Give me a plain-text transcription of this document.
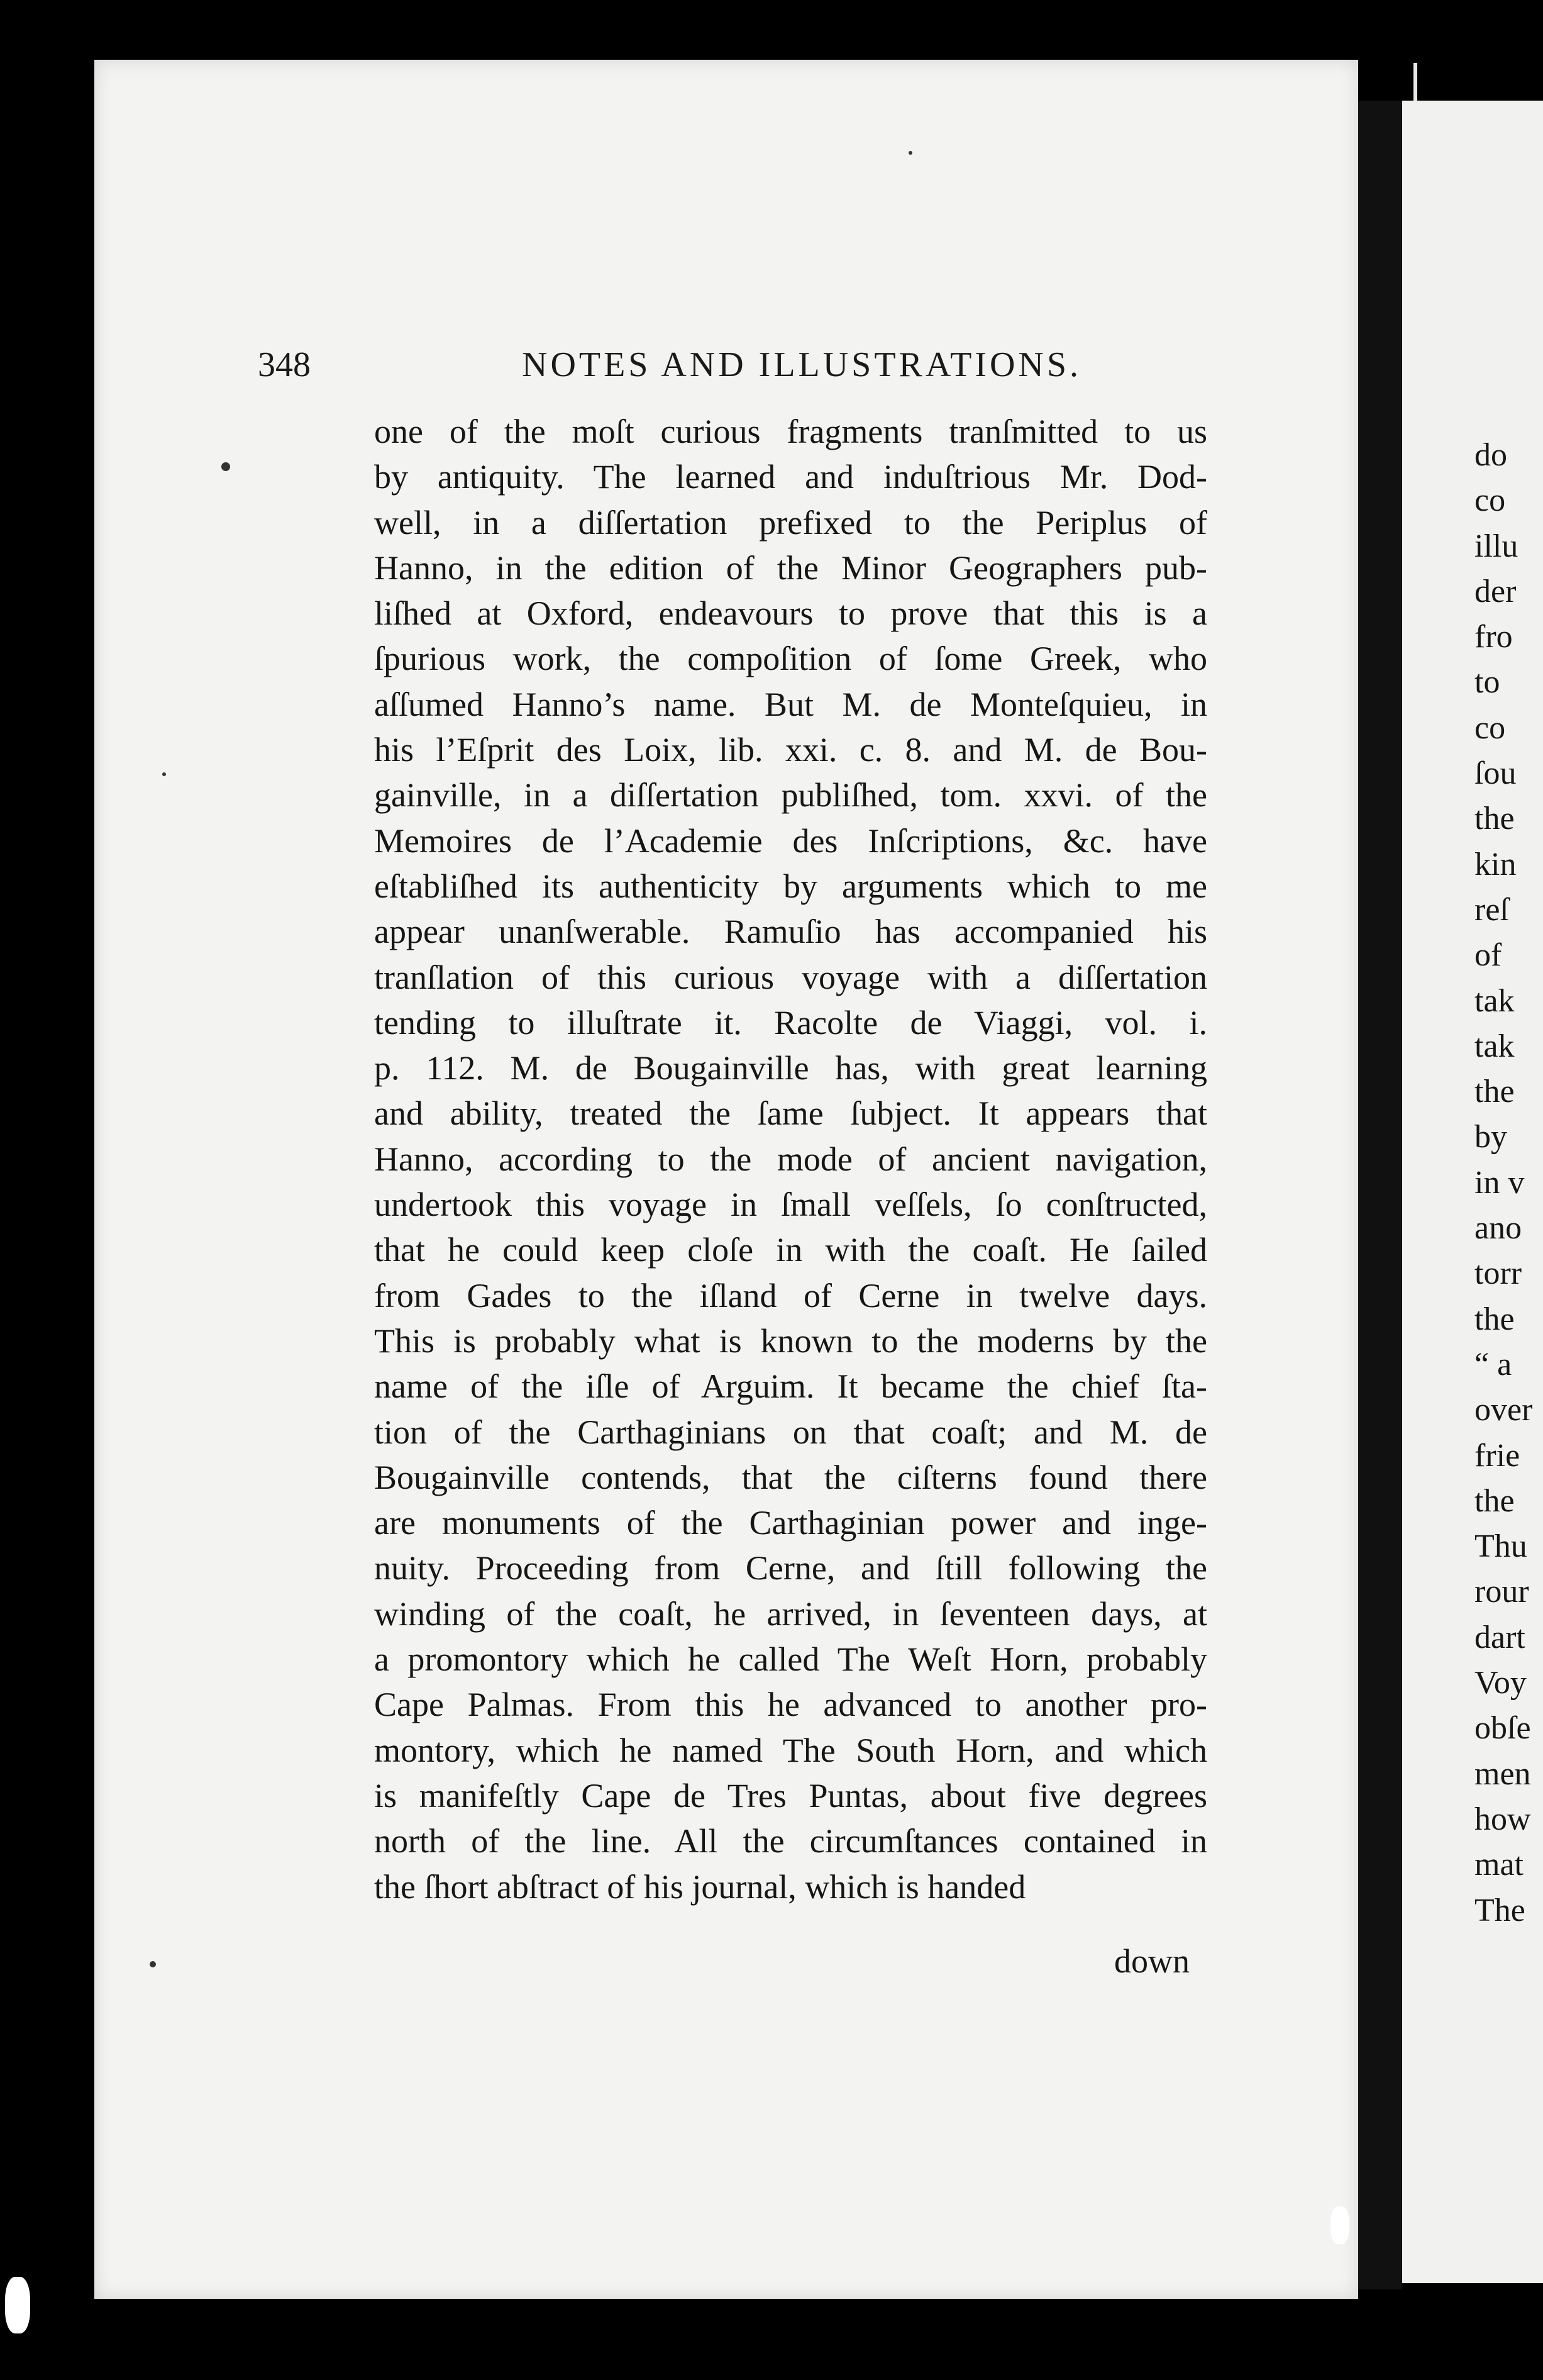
348	NOTES AND ILLUSTRATIONS.
one of the moſt curious fragments tranſmitted to us
by antiquity. The learned and induſtrious Mr. Dod-
well, in a diſſertation prefixed to the Periplus of
Hanno, in the edition of the Minor Geographers pub-
liſhed at Oxford, endeavours to prove that this is a
ſpurious work, the compoſition of ſome Greek, who
aſſumed Hanno’s name. But M. de Monteſquieu, in
his l’Eſprit des Loix, lib. xxi. c. 8. and M. de Bou-
gainville, in a diſſertation publiſhed, tom. xxvi. of the
Memoires de l’Academie des Inſcriptions, &c. have
eſtabliſhed its authenticity by arguments which to me
appear unanſwerable. Ramuſio has accompanied his
tranſlation of this curious voyage with a diſſertation
tending to illuſtrate it. Racolte de Viaggi, vol. i.
p. 112. M. de Bougainville has, with great learning
and ability, treated the ſame ſubject. It appears that
Hanno, according to the mode of ancient navigation,
undertook this voyage in ſmall veſſels, ſo conſtructed,
that he could keep cloſe in with the coaſt. He ſailed
from Gades to the iſland of Cerne in twelve days.
This is probably what is known to the moderns by the
name of the iſle of Arguim. It became the chief ſta-
tion of the Carthaginians on that coaſt; and M. de
Bougainville contends, that the ciſterns found there
are monuments of the Carthaginian power and inge-
nuity. Proceeding from Cerne, and ſtill following the
winding of the coaſt, he arrived, in ſeventeen days, at
a promontory which he called The Weſt Horn, probably
Cape Palmas. From this he advanced to another pro-
montory, which he named The South Horn, and which
is manifeſtly Cape de Tres Puntas, about five degrees
north of the line. All the circumſtances contained in
the ſhort abſtract of his journal, which is handed
down
do
co
illu
der
fro
to
co
ſou
the
kin
reſ
of
tak
tak
the
by
in v
ano
torr
the
“ a
over
frie
the
Thu
rour
dart
Voy
obſe
men
how
mat
The
